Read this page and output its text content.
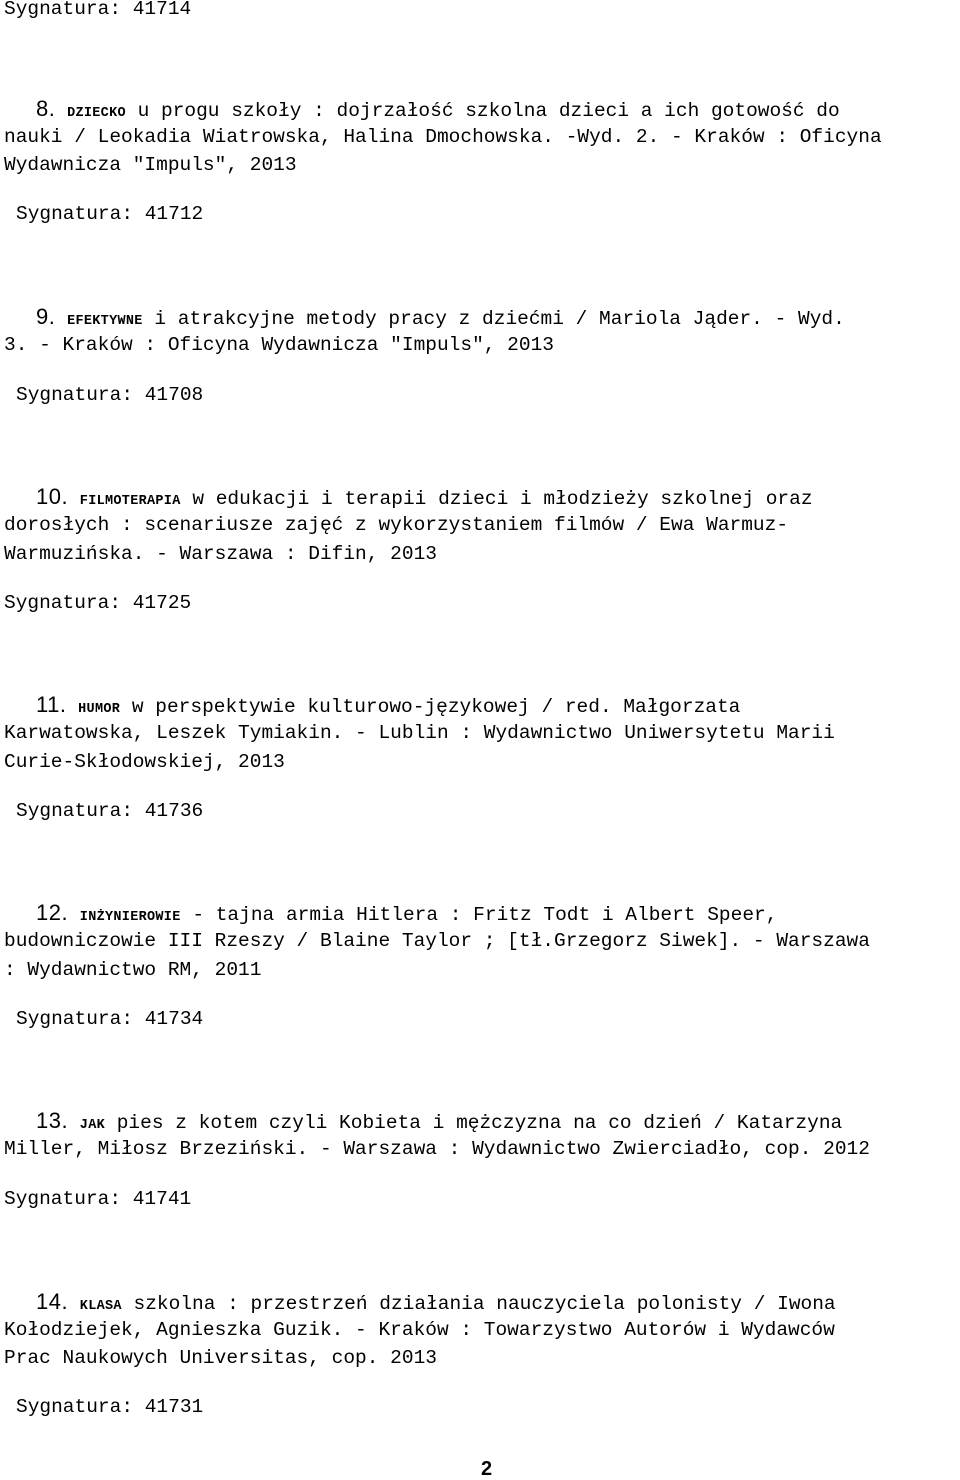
Sygnatura: 41714
8. DZIECKO u progu szkoły : dojrzałość szkolna dzieci a ich gotowość do
nauki / Leokadia Wiatrowska, Halina Dmochowska. -Wyd. 2. - Kraków : Oficyna
Wydawnicza "Impuls", 2013
Sygnatura: 41712
9. EFEKTYWNE i atrakcyjne metody pracy z dziećmi / Mariola Jąder. - Wyd.
3. - Kraków : Oficyna Wydawnicza "Impuls", 2013
Sygnatura: 41708
10. FILMOTERAPIA w edukacji i terapii dzieci i młodzieży szkolnej oraz
dorosłych : scenariusze zajęć z wykorzystaniem filmów / Ewa Warmuz-
Warmuzińska. - Warszawa : Difin, 2013
Sygnatura: 41725
11. HUMOR w perspektywie kulturowo-językowej / red. Małgorzata
Karwatowska, Leszek Tymiakin. - Lublin : Wydawnictwo Uniwersytetu Marii
Curie-Skłodowskiej, 2013
Sygnatura: 41736
12. INŻYNIEROWIE - tajna armia Hitlera : Fritz Todt i Albert Speer,
budowniczowie III Rzeszy / Blaine Taylor ; [tł.Grzegorz Siwek]. - Warszawa
: Wydawnictwo RM, 2011
Sygnatura: 41734
13. JAK pies z kotem czyli Kobieta i mężczyzna na co dzień / Katarzyna
Miller, Miłosz Brzeziński. - Warszawa : Wydawnictwo Zwierciadło, cop. 2012
Sygnatura: 41741
14. KLASA szkolna : przestrzeń działania nauczyciela polonisty / Iwona
Kołodziejek, Agnieszka Guzik. - Kraków : Towarzystwo Autorów i Wydawców
Prac Naukowych Universitas, cop. 2013
Sygnatura: 41731
2
